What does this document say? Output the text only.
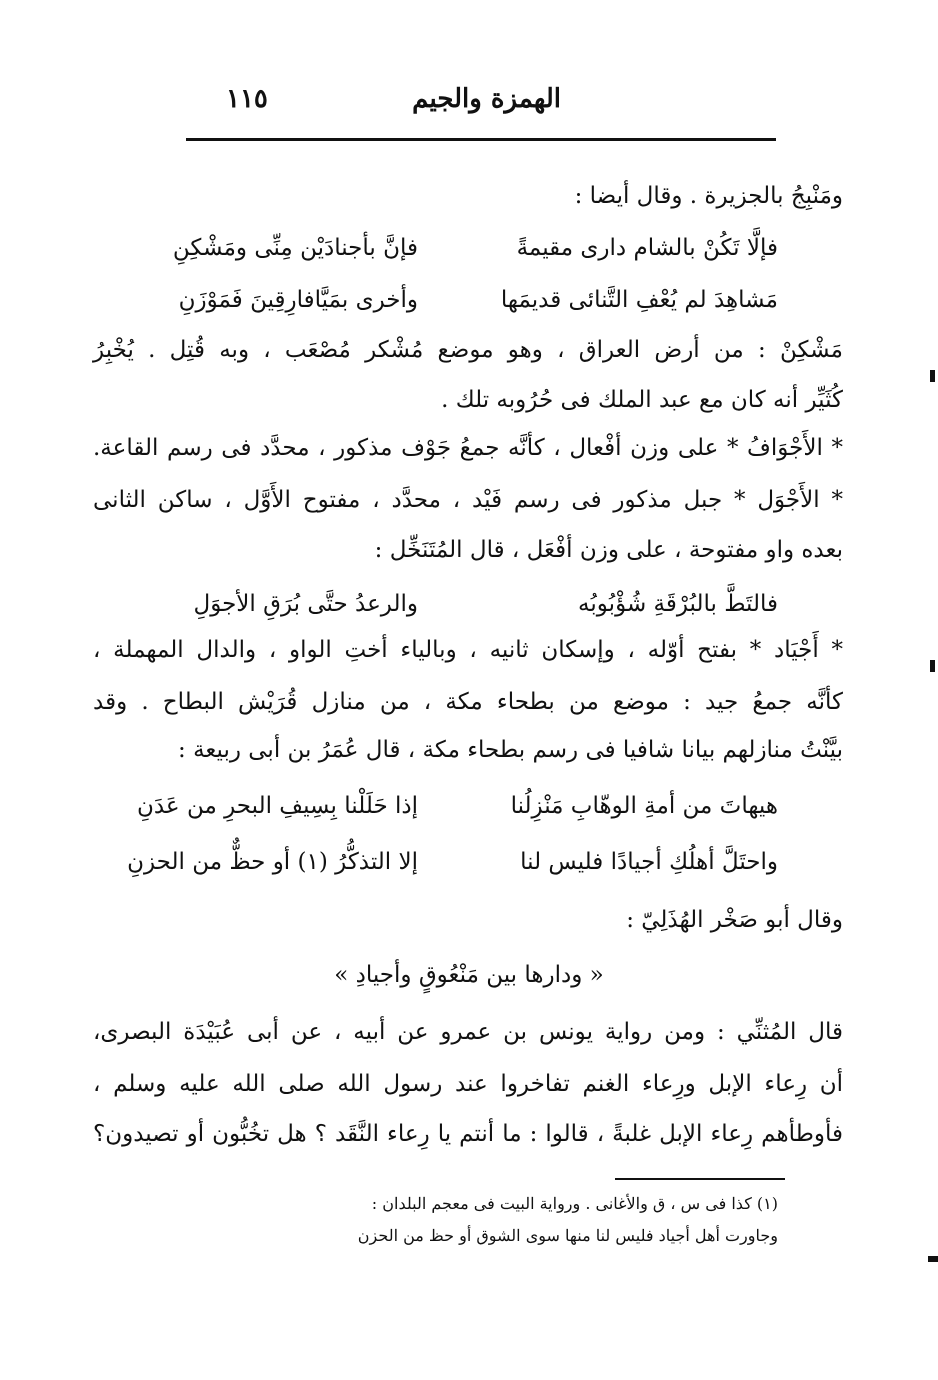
الهمزة والجيم
١١٥
ومَنْبِجُ بالجزيرة . وقال أيضا :
مَشْكِنْ : من أرض العراق ، وهو موضع مُشْكر مُصْعَب ، وبه قُتِل . يُخْبِرُ
كُثَيِّر أنه كان مع عبد الملك فى حُرُوبه تلك .
* الأَجْوَافُ * على وزن أفْعال ، كأنَّه جمعُ جَوْف مذكور ، محدَّد فى رسم القاعة.
* الأَجْوَل * جبل مذكور فى رسم فَيْد ، محدَّد ، مفتوح الأَوَّل ، ساكن الثانى
بعده واو مفتوحة ، على وزن أفْعَل ، قال المُتَنَخِّل :
* أَجْيَاد * بفتح أوّله ، وإسكان ثانيه ، وبالياء أختِ الواو ، والدال المهملة ،
كأنَّه جمعُ جيد : موضع من بطحاء مكة ، من منازل قُرَيْش البطاح . وقد
بيَّنْتُ منازلهم بيانا شافيا فى رسم بطحاء مكة ، قال عُمَرُ بن أبى ربيعة :
وقال أبو صَخْر الهُذَلِيّ :
قال المُثنِّي : ومن رواية يونس بن عمرو عن أبيه ، عن أبى عُبَيْدَة البصرى،
أن رِعاء الإبل ورِعاء الغنم تفاخروا عند رسول الله صلى الله عليه وسلم ،
فأوطأهم رِعاء الإبل غلبةً ، قالوا : ما أنتم يا رِعاء النَّقَد ؟ هل تخُبُّون أو تصيدون؟
فإلَّا تَكُنْ بالشام دارى مقيمةً
فإنَّ بأجنادَيْن مِنِّى ومَشْكِنِ
مَشاهِدَ لم يُعْفِ التَّنائى قديمَها
وأخرى بمَيَّافارِقِينَ فَمَوْزَنِ
فالتَطَّ بالبُرْقَةِ شُؤْبُوبُه
والرعدُ حتَّى بُرَقِ الأجوَلِ
هيهاتَ من أمةِ الوهّابِ مَنْزِلُنا
إذا حَلَلْنا بِسِيفِ البحرِ من عَدَنِ
واحتَلَّ أهلُكِ أجيادًا فليس لنا
إلا التذكُّرُ (١) أو حظٌّ من الحزنِ
« ودارها بين مَنْعُوقٍ وأجيادِ »
(١) كذا فى س ، ق والأغانى . ورواية البيت فى معجم البلدان :
وجاورت أهل أجياد فليس لنا منها سوى الشوق أو حظ من الحزن
